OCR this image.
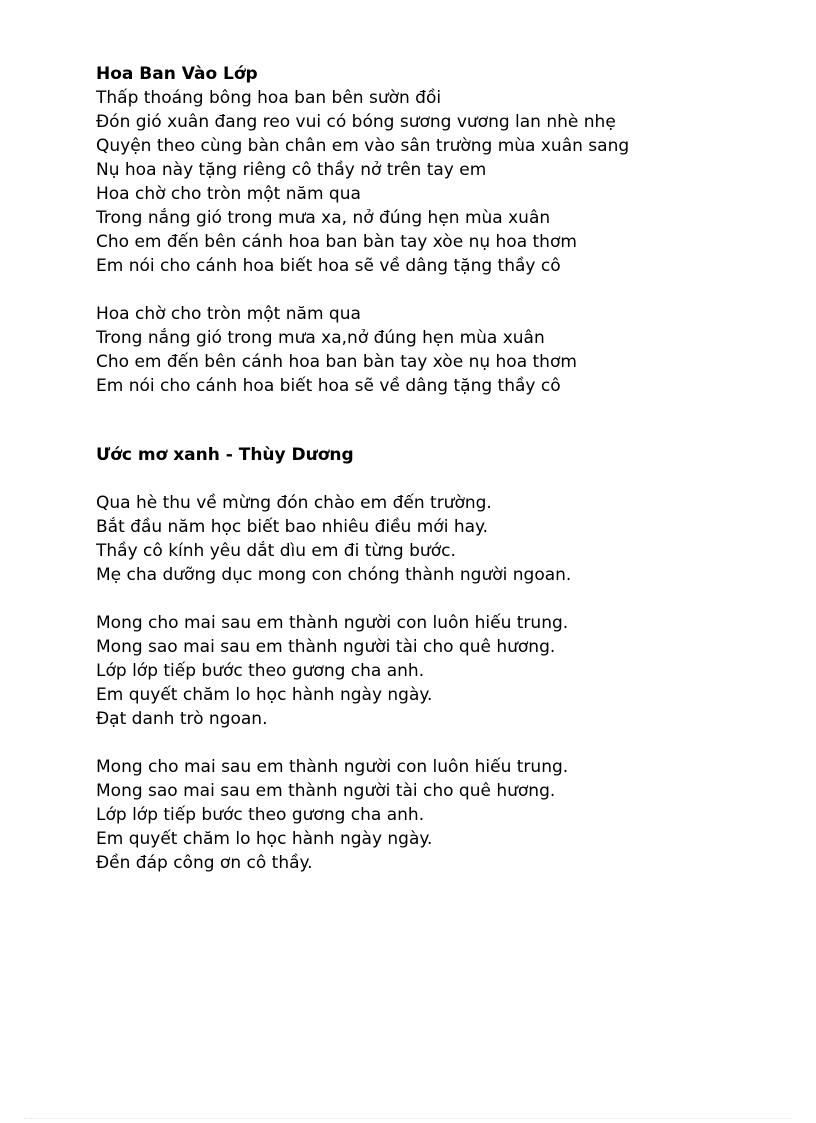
Hoa Ban Vào Lớp

Thấp thoáng bông hoa ban bên sườn đồi

Đón gió xuân đang reo vui có bóng sương vương lan nhè nhẹ

Quyện theo cùng bàn chân em vào sân trường mùa xuân sang

Nụ hoa này tặng riêng cô thầy nở trên tay em

Hoa chờ cho tròn một năm qua

Trong nắng gió trong mưa xa, nở đúng hẹn mùa xuân

Cho em đến bên cánh hoa ban bàn tay xòe nụ hoa thơm

Em nói cho cánh hoa biết hoa sẽ về dâng tặng thầy cô

Hoa chờ cho tròn một năm qua

Trong nắng gió trong mưa xa,nở đúng hẹn mùa xuân

Cho em đến bên cánh hoa ban bàn tay xòe nụ hoa thơm

Em nói cho cánh hoa biết hoa sẽ về dâng tặng thầy cô

Ước mơ xanh - Thùy Dương

Qua hè thu về mừng đón chào em đến trường.

Bắt đầu năm học biết bao nhiêu điều mới hay.

Thầy cô kính yêu dắt dìu em đi từng bước.

Mẹ cha dưỡng dục mong con chóng thành người ngoan.

Mong cho mai sau em thành người con luôn hiếu trung.

Mong sao mai sau em thành người tài cho quê hương.

Lớp lớp tiếp bước theo gương cha anh.

Em quyết chăm lo học hành ngày ngày.

Đạt danh trò ngoan.

Mong cho mai sau em thành người con luôn hiếu trung.

Mong sao mai sau em thành người tài cho quê hương.

Lớp lớp tiếp bước theo gương cha anh.

Em quyết chăm lo học hành ngày ngày.

Đền đáp công ơn cô thầy.
